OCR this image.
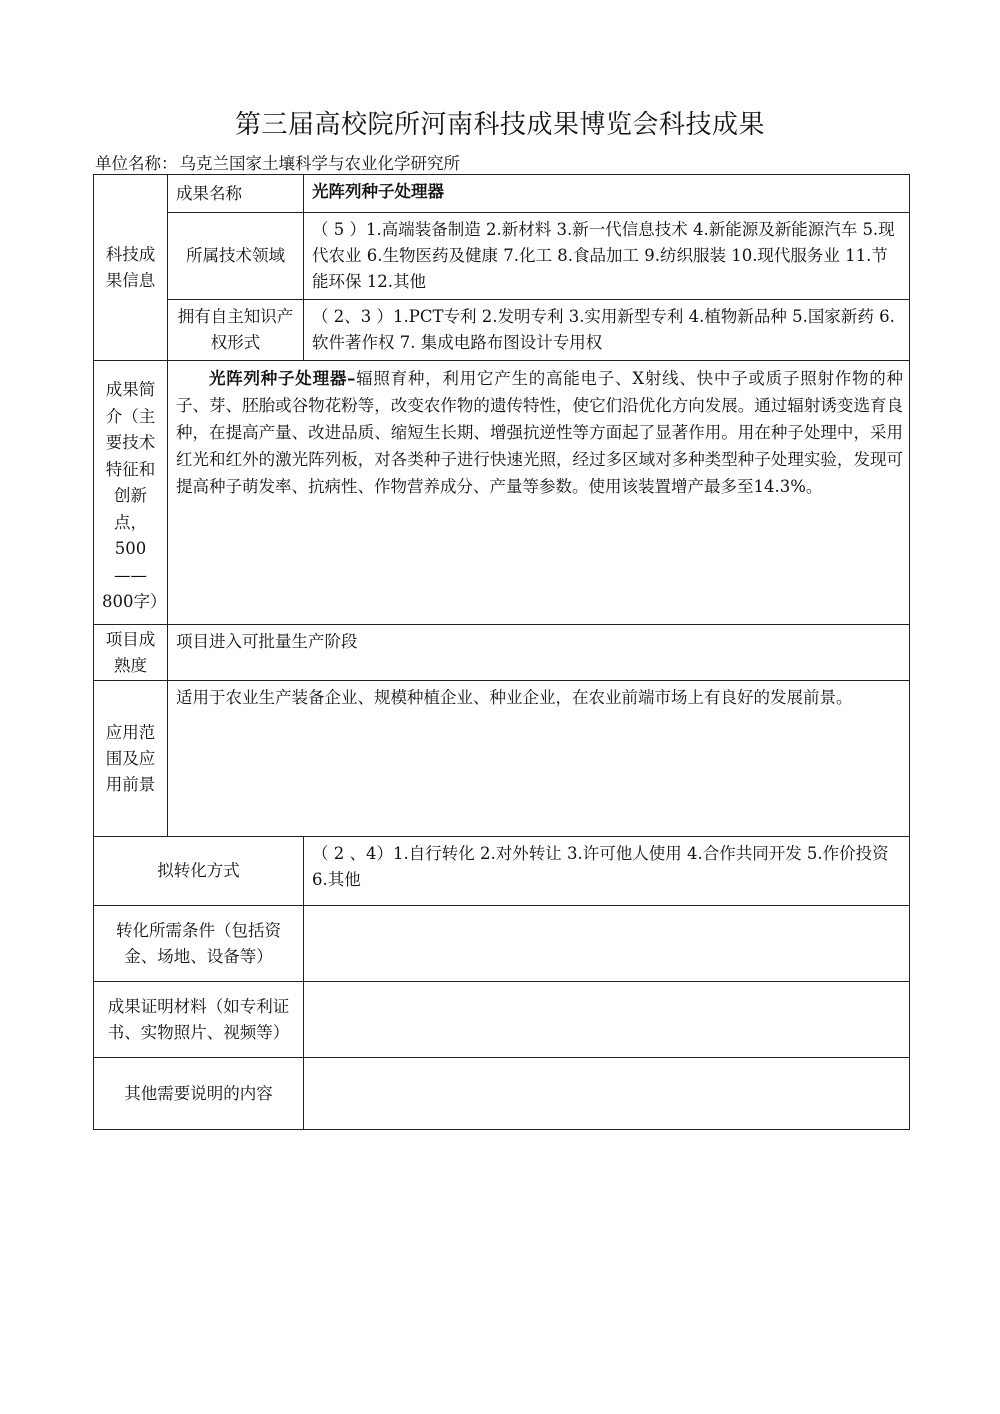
第三届高校院所河南科技成果博览会科技成果
单位名称： 乌克兰国家土壤科学与农业化学研究所
科技成果信息	成果名称	光阵列种子处理器
	所属技术领域	（ 5 ）1.高端装备制造 2.新材料 3.新一代信息技术 4.新能源及新能源汽车 5.现代农业 6.生物医药及健康 7.化工 8.食品加工 9.纺织服装 10.现代服务业 11.节能环保 12.其他
	拥有自主知识产权形式	（ 2、3 ）1.PCT专利 2.发明专利 3.实用新型专利 4.植物新品种 5.国家新药 6.软件著作权 7. 集成电路布图设计专用权

成果简介（主要技术特征和创新点，500——800字）	光阵列种子处理器–辐照育种，利用它产生的高能电子、X射线、快中子或质子照射作物的种子、芽、胚胎或谷物花粉等，改变农作物的遗传特性，使它们沿优化方向发展。通过辐射诱变选育良种，在提高产量、改进品质、缩短生长期、增强抗逆性等方面起了显著作用。用在种子处理中，采用红光和红外的激光阵列板，对各类种子进行快速光照，经过多区域对多种类型种子处理实验，发现可提高种子萌发率、抗病性、作物营养成分、产量等参数。使用该装置增产最多至14.3%。	

项目成熟度	项目进入可批量生产阶段	

应用范围及应用前景	适用于农业生产装备企业、规模种植企业、种业企业，在农业前端市场上有良好的发展前景。	
拟转化方式		（ 2 、4）1.自行转化 2.对外转让 3.许可他人使用 4.合作共同开发 5.作价投资 6.其他

转化所需条件（包括资金、场地、设备等）		

成果证明材料（如专利证书、实物照片、视频等）		

其他需要说明的内容		
